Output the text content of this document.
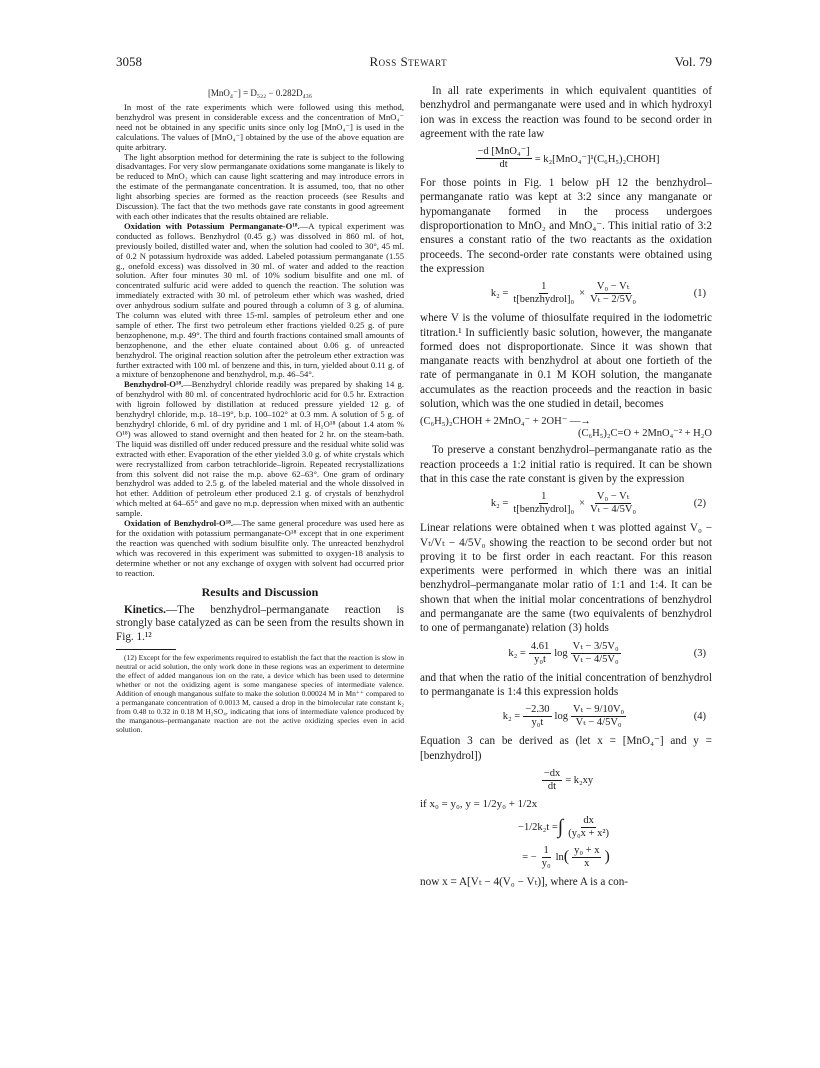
3058	Ross Stewart	Vol. 79
[MnO₄⁻] = D₅₂₂ − 0.282D₄₃₆

In most of the rate experiments which were followed using this method, benzhydrol was present in considerable excess and the concentration of MnO₄⁻ need not be obtained in any specific units since only log [MnO₄⁻] is used in the calculations. The values of [MnO₄⁻] obtained by the use of the above equation are quite arbitrary.

The light absorption method for determining the rate is subject to the following disadvantages. For very slow permanganate oxidations some manganate is likely to be reduced to MnO₂ which can cause light scattering and may introduce errors in the estimate of the permanganate concentration. It is assumed, too, that no other light absorbing species are formed as the reaction proceeds (see Results and Discussion). The fact that the two methods gave rate constants in good agreement with each other indicates that the results obtained are reliable.

Oxidation with Potassium Permanganate-O¹⁸.—A typical experiment was conducted as follows. Benzhydrol (0.45 g.) was dissolved in 860 ml. of hot, previously boiled, distilled water and, when the solution had cooled to 30°, 45 ml. of 0.2 N potassium hydroxide was added. Labeled potassium permanganate (1.55 g., onefold excess) was dissolved in 30 ml. of water and added to the reaction solution. After four minutes 30 ml. of 10% sodium bisulfite and one ml. of concentrated sulfuric acid were added to quench the reaction. The solution was immediately extracted with 30 ml. of petroleum ether which was washed, dried over anhydrous sodium sulfate and poured through a column of 3 g. of alumina. The column was eluted with three 15-ml. samples of petroleum ether and one sample of ether. The first two petroleum ether fractions yielded 0.25 g. of pure benzophenone, m.p. 49°. The third and fourth fractions contained small amounts of benzophenone, and the ether eluate contained about 0.06 g. of unreacted benzhydrol. The original reaction solution after the petroleum ether extraction was further extracted with 100 ml. of benzene and this, in turn, yielded about 0.11 g. of a mixture of benzophenone and benzhydrol, m.p. 46–54°.

Benzhydrol-O¹⁸.—Benzhydryl chloride readily was prepared by shaking 14 g. of benzhydrol with 80 ml. of concentrated hydrochloric acid for 0.5 hr. Extraction with ligroin followed by distillation at reduced pressure yielded 12 g. of benzhydryl chloride, m.p. 18–19°, b.p. 100–102° at 0.3 mm. A solution of 5 g. of benzhydryl chloride, 6 ml. of dry pyridine and 1 ml. of H₂O¹⁸ (about 1.4 atom % O¹⁸) was allowed to stand overnight and then heated for 2 hr. on the steam-bath. The liquid was distilled off under reduced pressure and the residual white solid was extracted with ether. Evaporation of the ether yielded 3.0 g. of white crystals which were recrystallized from carbon tetrachloride–ligroin. Repeated recrystallizations from this solvent did not raise the m.p. above 62–63°. One gram of ordinary benzhydrol was added to 2.5 g. of the labeled material and the whole dissolved in hot ether. Addition of petroleum ether produced 2.1 g. of crystals of benzhydrol which melted at 64–65° and gave no m.p. depression when mixed with an authentic sample.

Oxidation of Benzhydrol-O¹⁸.—The same general procedure was used here as for the oxidation with potassium permanganate-O¹⁸ except that in one experiment the reaction was quenched with sodium bisulfite only. The unreacted benzhydrol which was recovered in this experiment was submitted to oxygen-18 analysis to determine whether or not any exchange of oxygen with solvent had occurred prior to reaction.

Results and Discussion

Kinetics.—The benzhydrol–permanganate reaction is strongly base catalyzed as can be seen from the results shown in Fig. 1.¹²

(12) Except for the few experiments required to establish the fact that the reaction is slow in neutral or acid solution, the only work done in these regions was an experiment to determine the effect of added manganous ion on the rate, a device which has been used to determine whether or not the oxidizing agent is some manganese species of intermediate valence. Addition of enough manganous sulfate to make the solution 0.00024 M in Mn⁺⁺ compared to a permanganate concentration of 0.0013 M, caused a drop in the bimolecular rate constant k₂ from 0.48 to 0.32 in 0.18 M H₂SO₄, indicating that ions of intermediate valence produced by the manganous–permanganate reaction are not the active oxidizing species even in acid solution.

In all rate experiments in which equivalent quantities of benzhydrol and permanganate were used and in which hydroxyl ion was in excess the reaction was found to be second order in agreement with the rate law

$\frac{\text{−d [MnO₄⁻]}}{dt}$ = k₂[MnO₄⁻]¹(C₆H₅)₂CHOH]

For those points in Fig. 1 below pH 12 the benzhydrol–permanganate ratio was kept at 3:2 since any manganate or hypomanganate formed in the process undergoes disproportionation to MnO₂ and MnO₄⁻. This initial ratio of 3:2 ensures a constant ratio of the two reactants as the oxidation proceeds. The second-order rate constants were obtained using the expression

$k_2 = \frac{1}{\text{t[benzhydrol]₀}} \times \frac{\text{V₀ − Vₜ}}{\text{Vₜ − 2/5V₀}}$	(1)

where V is the volume of thiosulfate required in the iodometric titration.¹ In sufficiently basic solution, however, the manganate formed does not disproportionate. Since it was shown that manganate reacts with benzhydrol at about one fortieth of the rate of permanganate in 0.1 M KOH solution, the manganate accumulates as the reaction proceeds and the reaction in basic solution, which was the one studied in detail, becomes

(C₆H₅)₂CHOH + 2MnO₄⁻ + 2OH⁻ —→
(C₆H₅)₂C=O + 2MnO₄⁻² + H₂O

To preserve a constant benzhydrol–permanganate ratio as the reaction proceeds a 1:2 initial ratio is required. It can be shown that in this case the rate constant is given by the expression

$k_2 = \frac{1}{\text{t[benzhydrol]₀}} \times \frac{\text{V₀ − Vₜ}}{\text{Vₜ − 4/5V₀}}$	(2)

Linear relations were obtained when t was plotted against V₀ − Vₜ/Vₜ − 4/5V₀ showing the reaction to be second order but not proving it to be first order in each reactant. For this reason experiments were performed in which there was an initial benzhydrol–permanganate molar ratio of 1:1 and 1:4. It can be shown that when the initial molar concentrations of benzhydrol and permanganate are the same (two equivalents of benzhydrol to one of permanganate) relation (3) holds

$k_2 = \frac{4.61}{\text{y₀t}}$ $\log \frac{\text{Vₜ − 3/5V₀}}{\text{Vₜ − 4/5V₀}}$	(3)

and that when the ratio of the initial concentration of benzhydrol to permanganate is 1:4 this expression holds

$k_2 = \frac{-2.30}{\text{y₀t}}$ $\log \frac{\text{Vₜ − 9/10V₀}}{\text{Vₜ − 4/5V₀}}$	(4)

Equation 3 can be derived as (let x = [MnO₄⁻] and y = [benzhydrol])

$\frac{-dx}{dt} = k_2xy$
if x₀ = y₀, y = 1/2y₀ + 1/2x
−1/2k₂t = ∫ $\frac{dx}{\text{(y₀x + x²)}}$
= − $\frac{1}{\text{y₀}}$ ln ( $\frac{\text{y₀ + x}}{x}$ )

now x = A[Vₜ − 4(V₀ − Vₜ)], where A is a con-
